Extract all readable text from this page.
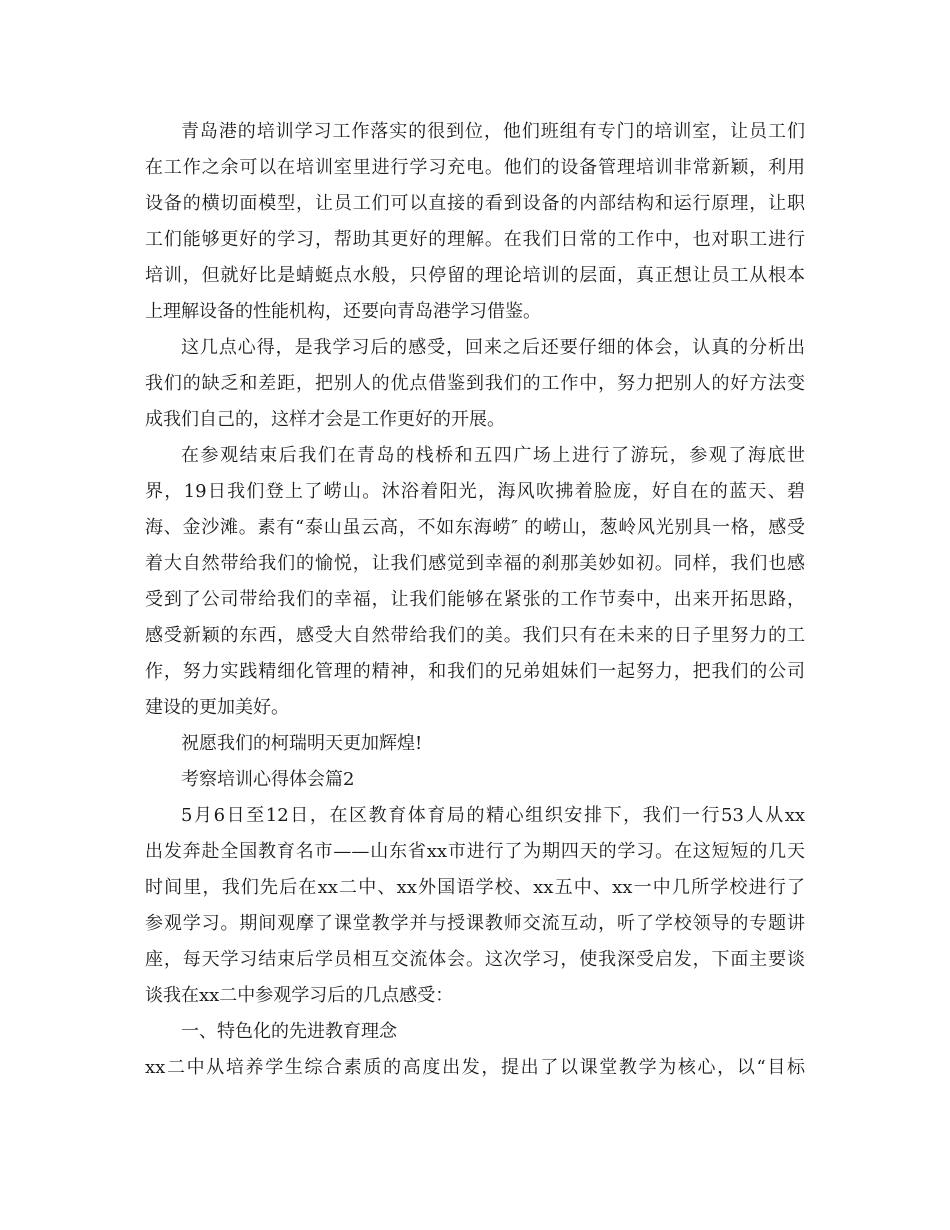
青岛港的培训学习工作落实的很到位，他们班组有专门的培训室，让员工们
在工作之余可以在培训室里进行学习充电。他们的设备管理培训非常新颖，利用
设备的横切面模型，让员工们可以直接的看到设备的内部结构和运行原理，让职
工们能够更好的学习，帮助其更好的理解。在我们日常的工作中，也对职工进行
培训，但就好比是蜻蜓点水般，只停留的理论培训的层面，真正想让员工从根本
上理解设备的性能机构，还要向青岛港学习借鉴。
这几点心得，是我学习后的感受，回来之后还要仔细的体会，认真的分析出
我们的缺乏和差距，把别人的优点借鉴到我们的工作中，努力把别人的好方法变
成我们自己的，这样才会是工作更好的开展。
在参观结束后我们在青岛的栈桥和五四广场上进行了游玩，参观了海底世
界，19日我们登上了崂山。沐浴着阳光，海风吹拂着脸庞，好自在的蓝天、碧
海、金沙滩。素有“泰山虽云高，不如东海崂″ 的崂山，葱岭风光别具一格，感受
着大自然带给我们的愉悦，让我们感觉到幸福的刹那美妙如初。同样，我们也感
受到了公司带给我们的幸福，让我们能够在紧张的工作节奏中，出来开拓思路，
感受新颖的东西，感受大自然带给我们的美。我们只有在未来的日子里努力的工
作，努力实践精细化管理的精神，和我们的兄弟姐妹们一起努力，把我们的公司
建设的更加美好。
祝愿我们的柯瑞明天更加辉煌!
考察培训心得体会篇2
5月6日至12日，在区教育体育局的精心组织安排下，我们一行53人从xx
出发奔赴全国教育名市——山东省xx市进行了为期四天的学习。在这短短的几天
时间里，我们先后在xx二中、xx外国语学校、xx五中、xx一中几所学校进行了
参观学习。期间观摩了课堂教学并与授课教师交流互动，听了学校领导的专题讲
座，每天学习结束后学员相互交流体会。这次学习，使我深受启发，下面主要谈
谈我在xx二中参观学习后的几点感受：
一、特色化的先进教育理念
xx二中从培养学生综合素质的高度出发，提出了以课堂教学为核心，以“目标
